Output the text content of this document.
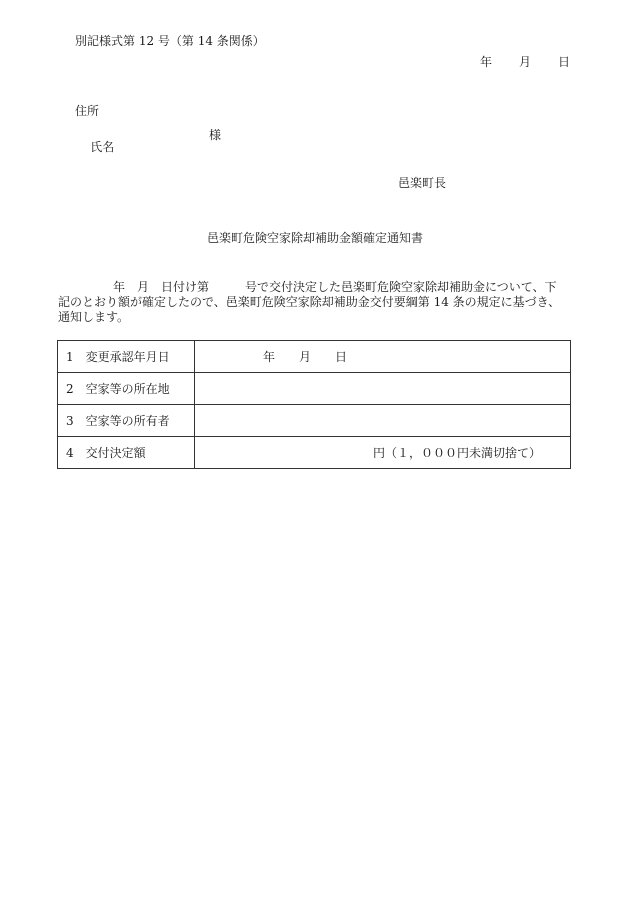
別記様式第 12 号（第 14 条関係）
年 月 日
住所

氏名

様

邑楽町長
邑楽町危険空家除却補助金額確定通知書
年　月　日付け第　　　号で交付決定した邑楽町危険空家除却補助金について、下
記のとおり額が確定したので、邑楽町危険空家除却補助金交付要綱第 14 条の規定に基づき、
通知します。
1　変更承認年月日	年　　月　　日
2　空家等の所在地	
3　空家等の所有者	
4　交付決定額	円（１，０００円未満切捨て）
